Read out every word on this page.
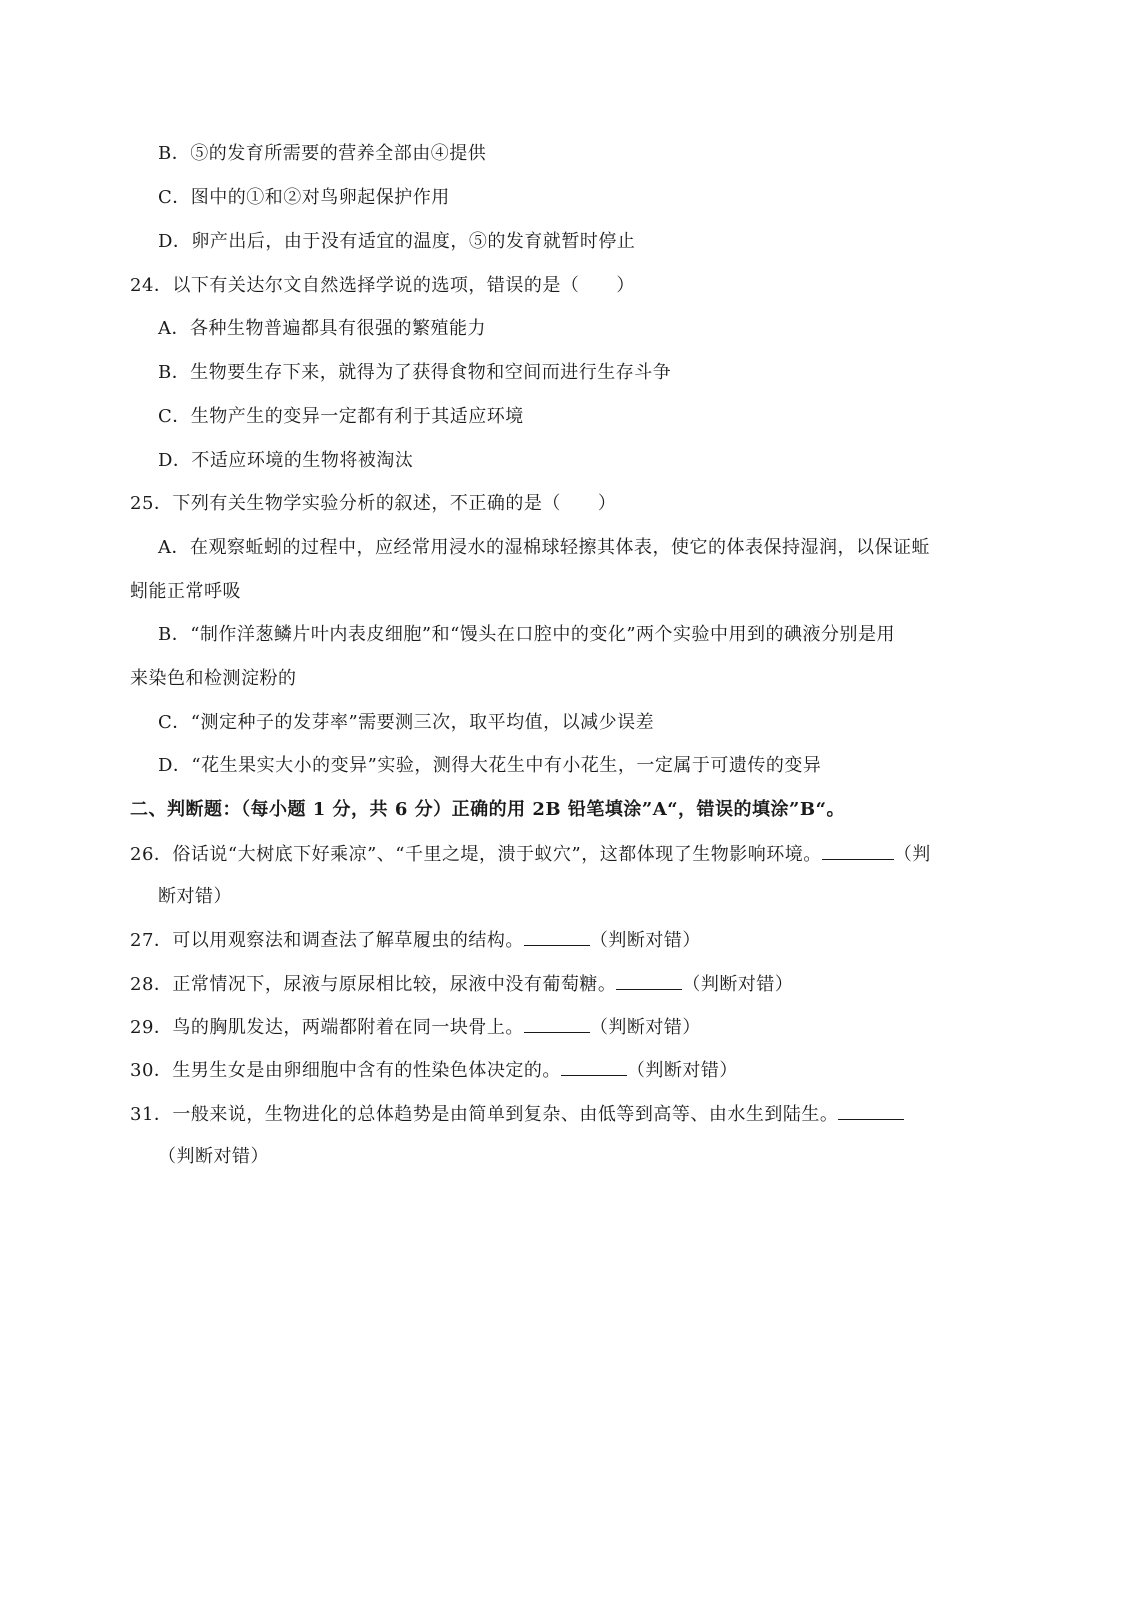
B．⑤的发育所需要的营养全部由④提供
C．图中的①和②对鸟卵起保护作用
D．卵产出后，由于没有适宜的温度，⑤的发育就暂时停止
24．以下有关达尔文自然选择学说的选项，错误的是（　　）
A．各种生物普遍都具有很强的繁殖能力
B．生物要生存下来，就得为了获得食物和空间而进行生存斗争
C．生物产生的变异一定都有利于其适应环境
D．不适应环境的生物将被淘汰
25．下列有关生物学实验分析的叙述，不正确的是（　　）
A．在观察蚯蚓的过程中，应经常用浸水的湿棉球轻擦其体表，使它的体表保持湿润，以保证蚯
蚓能正常呼吸
B．“制作洋葱鳞片叶内表皮细胞”和“馒头在口腔中的变化”两个实验中用到的碘液分别是用
来染色和检测淀粉的
C．“测定种子的发芽率”需要测三次，取平均值，以减少误差
D．“花生果实大小的变异”实验，测得大花生中有小花生，一定属于可遗传的变异
二、判断题：（每小题 1 分，共 6 分）正确的用 2B 铅笔填涂”A“，错误的填涂”B“。
26．俗话说“大树底下好乘凉”、“千里之堤，溃于蚁穴”，这都体现了生物影响环境。	（判
断对错）
27．可以用观察法和调查法了解草履虫的结构。	（判断对错）
28．正常情况下，尿液与原尿相比较，尿液中没有葡萄糖。	（判断对错）
29．鸟的胸肌发达，两端都附着在同一块骨上。	（判断对错）
30．生男生女是由卵细胞中含有的性染色体决定的。	（判断对错）
31．一般来说，生物进化的总体趋势是由简单到复杂、由低等到高等、由水生到陆生。
（判断对错）
